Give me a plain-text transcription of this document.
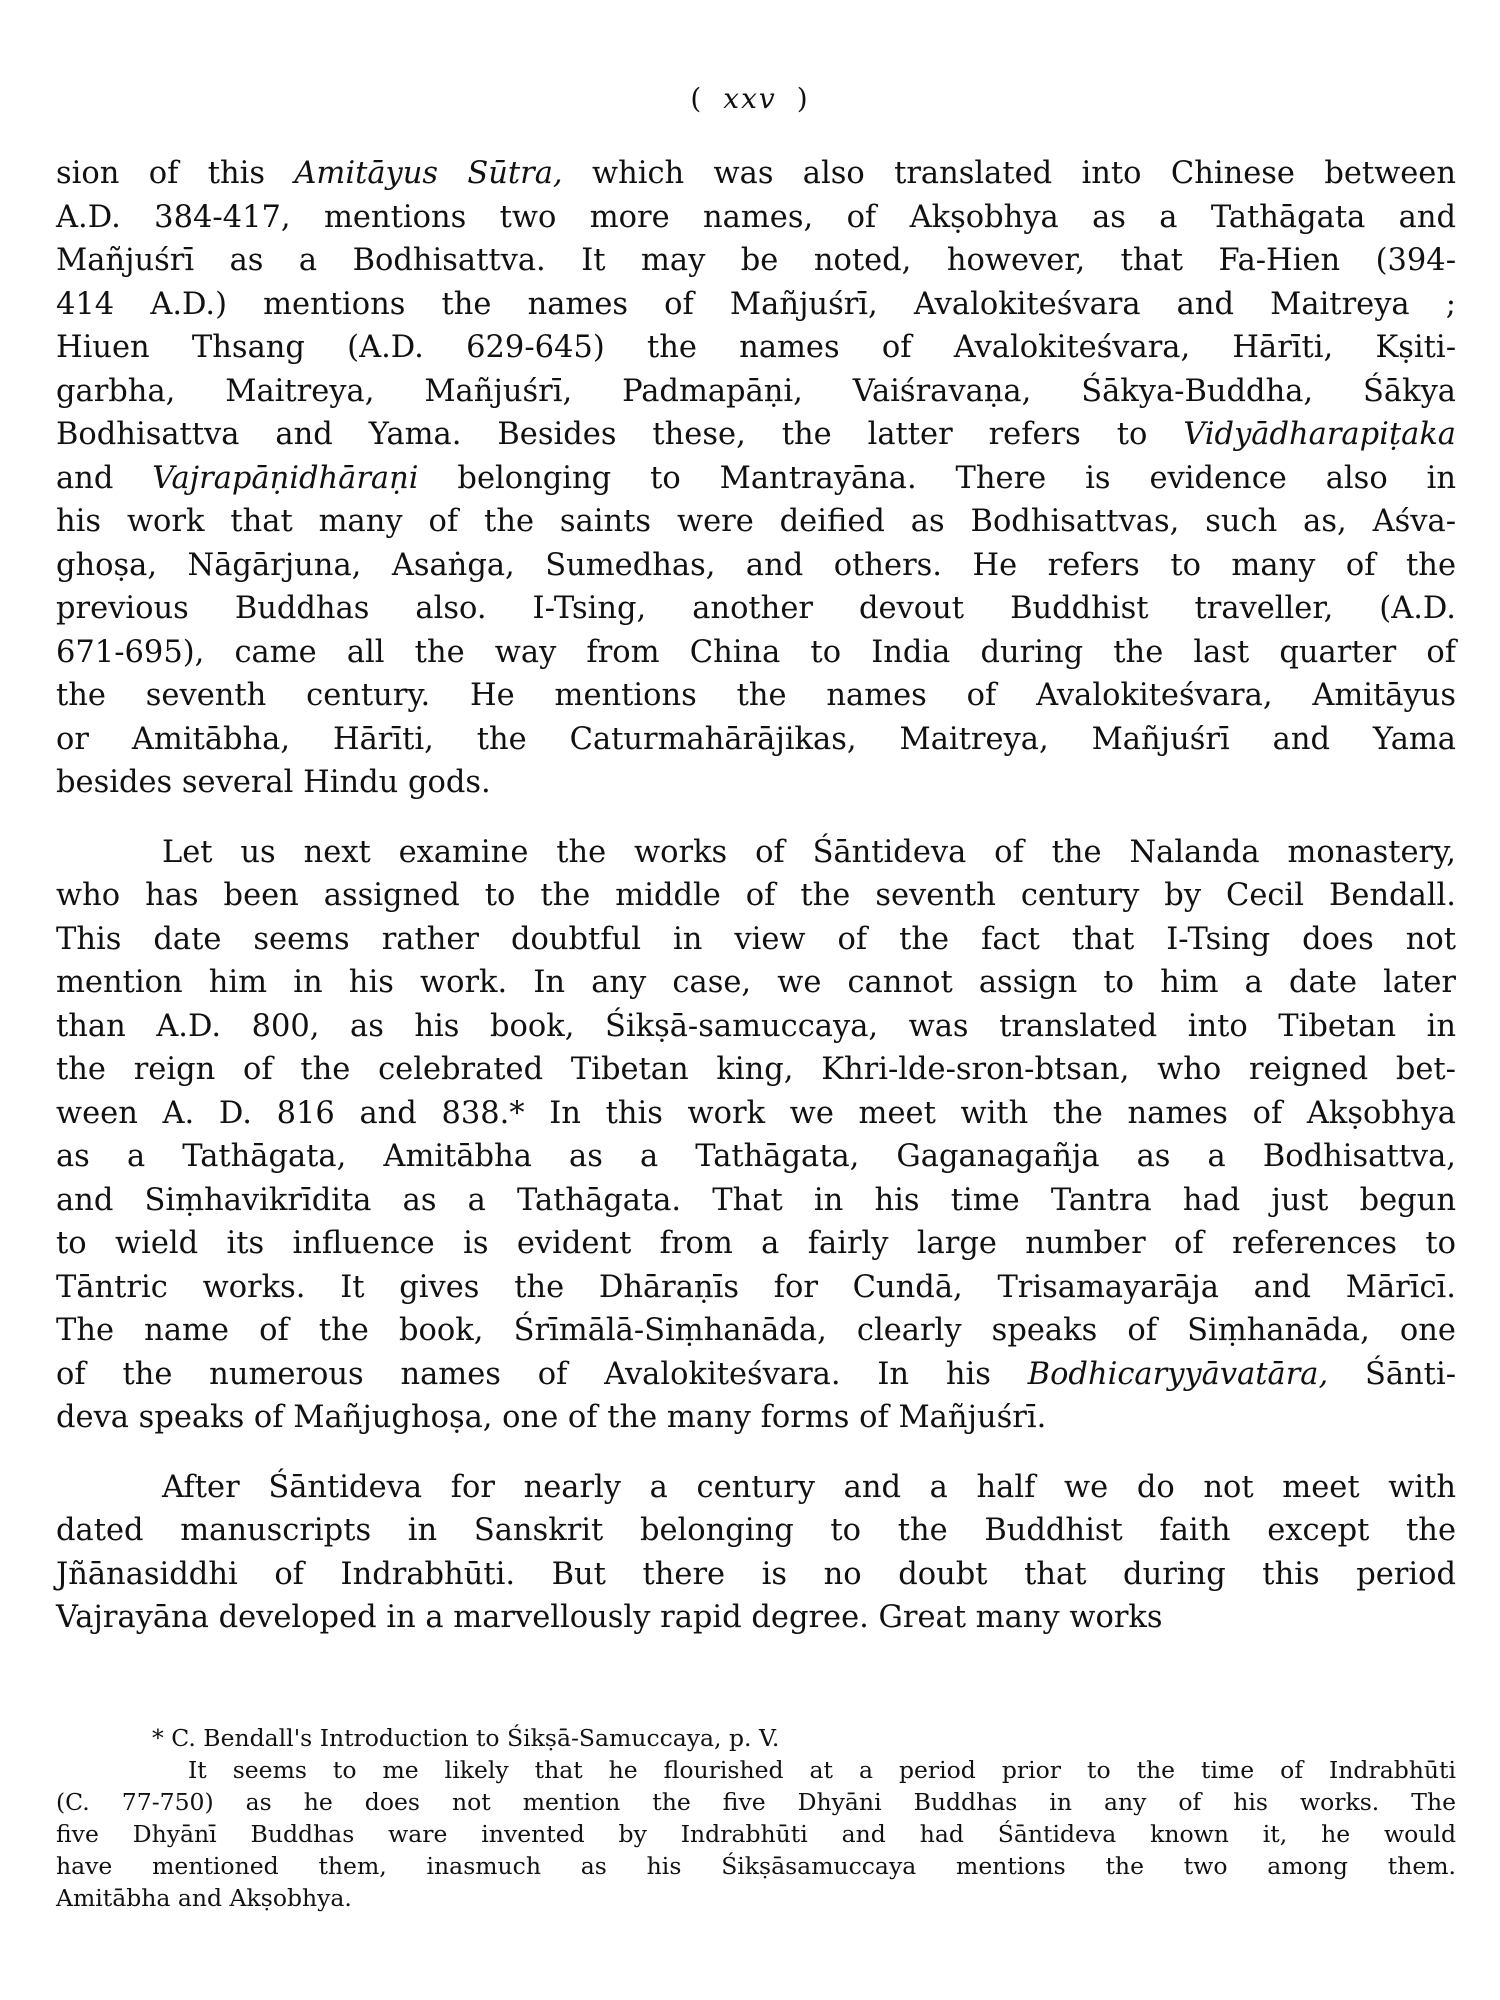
( xxv )
sion of this Amitāyus Sūtra, which was also translated into Chinese between
A.D. 384-417, mentions two more names, of Akṣobhya as a Tathāgata and
Mañjuśrī as a Bodhisattva. It may be noted, however, that Fa-Hien (394-
414 A.D.) mentions the names of Mañjuśrī, Avalokiteśvara and Maitreya ;
Hiuen Thsang (A.D. 629-645) the names of Avalokiteśvara, Hārīti, Kṣiti-
garbha, Maitreya, Mañjuśrī, Padmapāṇi, Vaiśravaṇa, Śākya-Buddha, Śākya
Bodhisattva and Yama. Besides these, the latter refers to Vidyādharapiṭaka
and Vajrapāṇidhāraṇi belonging to Mantrayāna. There is evidence also in
his work that many of the saints were deified as Bodhisattvas, such as, Aśva-
ghoṣa, Nāgārjuna, Asaṅga, Sumedhas, and others. He refers to many of the
previous Buddhas also. I-Tsing, another devout Buddhist traveller, (A.D.
671-695), came all the way from China to India during the last quarter of
the seventh century. He mentions the names of Avalokiteśvara, Amitāyus
or Amitābha, Hārīti, the Caturmahārājikas, Maitreya, Mañjuśrī and Yama
besides several Hindu gods.
Let us next examine the works of Śāntideva of the Nalanda monastery,
who has been assigned to the middle of the seventh century by Cecil Bendall.
This date seems rather doubtful in view of the fact that I-Tsing does not
mention him in his work. In any case, we cannot assign to him a date later
than A.D. 800, as his book, Śikṣā-samuccaya, was translated into Tibetan in
the reign of the celebrated Tibetan king, Khri-lde-sron-btsan, who reigned bet-
ween A. D. 816 and 838.* In this work we meet with the names of Akṣobhya
as a Tathāgata, Amitābha as a Tathāgata, Gaganagañja as a Bodhisattva,
and Siṃhavikrīdita as a Tathāgata. That in his time Tantra had just begun
to wield its influence is evident from a fairly large number of references to
Tāntric works. It gives the Dhāraṇīs for Cundā, Trisamayarāja and Mārīcī.
The name of the book, Śrīmālā-Siṃhanāda, clearly speaks of Siṃhanāda, one
of the numerous names of Avalokiteśvara. In his Bodhicaryyāvatāra, Śānti-
deva speaks of Mañjughoṣa, one of the many forms of Mañjuśrī.
After Śāntideva for nearly a century and a half we do not meet with
dated manuscripts in Sanskrit belonging to the Buddhist faith except the
Jñānasiddhi of Indrabhūti. But there is no doubt that during this period
Vajrayāna developed in a marvellously rapid degree. Great many works
* C. Bendall's Introduction to Śikṣā-Samuccaya, p. V.
It seems to me likely that he flourished at a period prior to the time of Indrabhūti
(C. 77-750) as he does not mention the five Dhyāni Buddhas in any of his works. The
five Dhyānī Buddhas ware invented by Indrabhūti and had Śāntideva known it, he would
have mentioned them, inasmuch as his Śikṣāsamuccaya mentions the two among them.
Amitābha and Akṣobhya.
